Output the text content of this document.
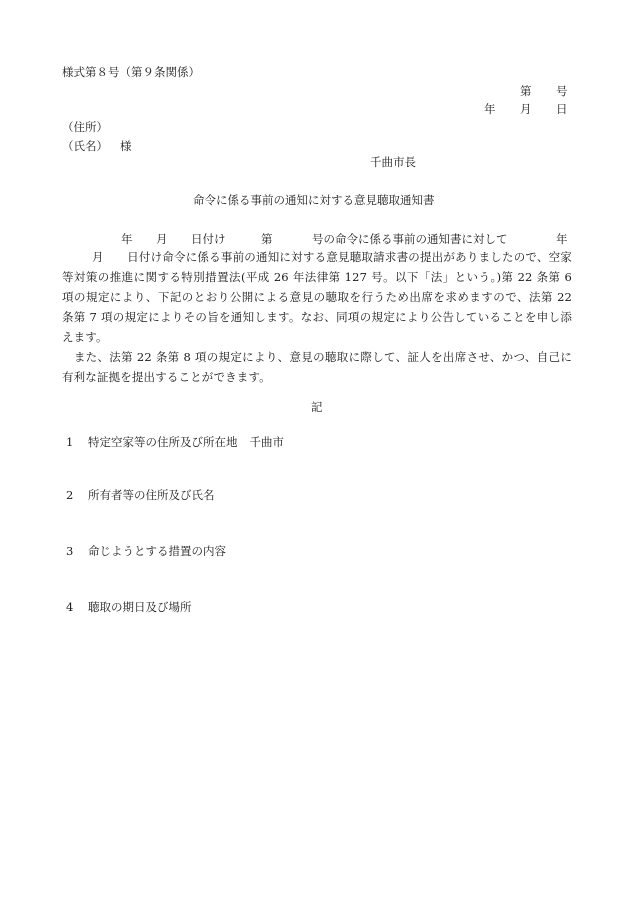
様式第８号（第９条関係）
第 号
年 月 日
（住所）
（氏名） 様
千曲市長
命令に係る事前の通知に対する意見聴取通知書
年 月 日付け	第	号の命令に係る事前の通知書に対して	年

月　　日付け命令に係る事前の通知に対する意見聴取請求書の提出がありましたので、空家等対策の推進に関する特別措置法(平成 26 年法律第 127 号。以下「法」という。)第 22 条第 6 項の規定により、下記のとおり公開による意見の聴取を行うため出席を求めますので、法第 22 条第 7 項の規定によりその旨を通知します。なお、同項の規定により公告していることを申し添えます。

　また、法第 22 条第 8 項の規定により、意見の聴取に際して、証人を出席させ、かつ、自己に有利な証拠を提出することができます。

記
1 特定空家等の住所及び所在地 千曲市
2 所有者等の住所及び氏名
3 命じようとする措置の内容
4 聴取の期日及び場所
